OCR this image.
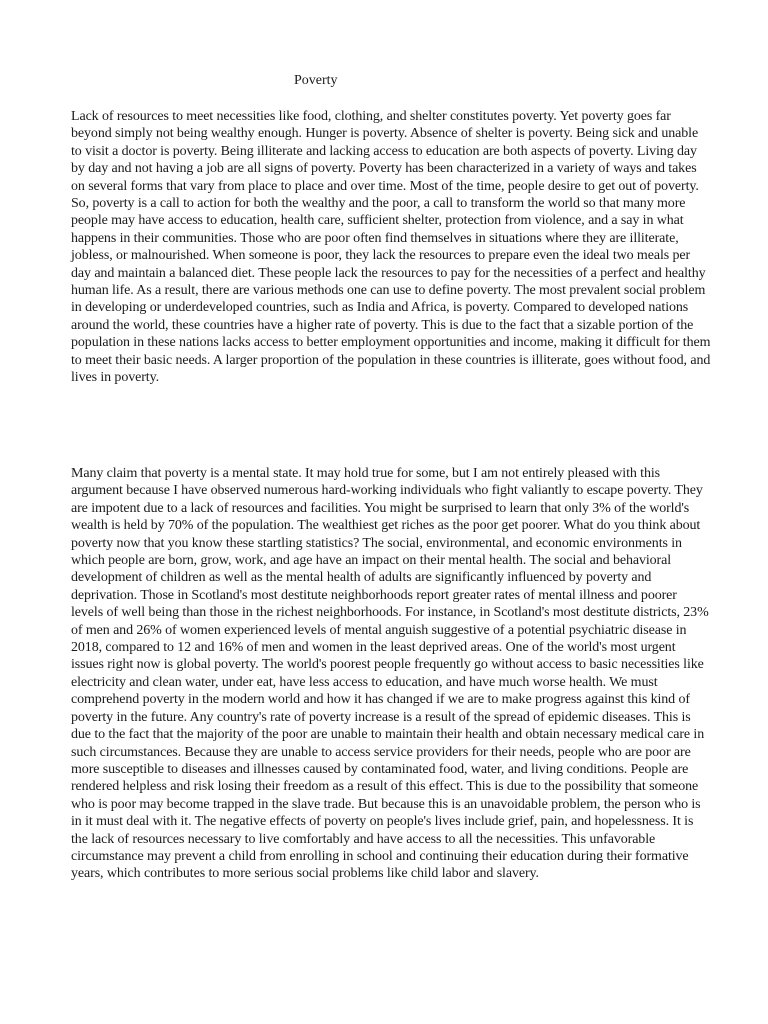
Poverty

Lack of resources to meet necessities like food, clothing, and shelter constitutes poverty. Yet poverty goes far beyond simply not being wealthy enough. Hunger is poverty. Absence of shelter is poverty. Being sick and unable to visit a doctor is poverty. Being illiterate and lacking access to education are both aspects of poverty. Living day by day and not having a job are all signs of poverty. Poverty has been characterized in a variety of ways and takes on several forms that vary from place to place and over time. Most of the time, people desire to get out of poverty. So, poverty is a call to action for both the wealthy and the poor, a call to transform the world so that many more people may have access to education, health care, sufficient shelter, protection from violence, and a say in what happens in their communities. Those who are poor often find themselves in situations where they are illiterate, jobless, or malnourished. When someone is poor, they lack the resources to prepare even the ideal two meals per day and maintain a balanced diet. These people lack the resources to pay for the necessities of a perfect and healthy human life. As a result, there are various methods one can use to define poverty. The most prevalent social problem in developing or underdeveloped countries, such as India and Africa, is poverty. Compared to developed nations around the world, these countries have a higher rate of poverty. This is due to the fact that a sizable portion of the population in these nations lacks access to better employment opportunities and income, making it difficult for them to meet their basic needs. A larger proportion of the population in these countries is illiterate, goes without food, and lives in poverty.

Many claim that poverty is a mental state. It may hold true for some, but I am not entirely pleased with this argument because I have observed numerous hard-working individuals who fight valiantly to escape poverty. They are impotent due to a lack of resources and facilities. You might be surprised to learn that only 3% of the world's wealth is held by 70% of the population. The wealthiest get riches as the poor get poorer. What do you think about poverty now that you know these startling statistics? The social, environmental, and economic environments in which people are born, grow, work, and age have an impact on their mental health. The social and behavioral development of children as well as the mental health of adults are significantly influenced by poverty and deprivation. Those in Scotland's most destitute neighborhoods report greater rates of mental illness and poorer levels of well being than those in the richest neighborhoods. For instance, in Scotland's most destitute districts, 23% of men and 26% of women experienced levels of mental anguish suggestive of a potential psychiatric disease in 2018, compared to 12 and 16% of men and women in the least deprived areas. One of the world's most urgent issues right now is global poverty. The world's poorest people frequently go without access to basic necessities like electricity and clean water, under eat, have less access to education, and have much worse health. We must comprehend poverty in the modern world and how it has changed if we are to make progress against this kind of poverty in the future. Any country's rate of poverty increase is a result of the spread of epidemic diseases. This is due to the fact that the majority of the poor are unable to maintain their health and obtain necessary medical care in such circumstances. Because they are unable to access service providers for their needs, people who are poor are more susceptible to diseases and illnesses caused by contaminated food, water, and living conditions. People are rendered helpless and risk losing their freedom as a result of this effect. This is due to the possibility that someone who is poor may become trapped in the slave trade. But because this is an unavoidable problem, the person who is in it must deal with it. The negative effects of poverty on people's lives include grief, pain, and hopelessness. It is the lack of resources necessary to live comfortably and have access to all the necessities. This unfavorable circumstance may prevent a child from enrolling in school and continuing their education during their formative years, which contributes to more serious social problems like child labor and slavery.
